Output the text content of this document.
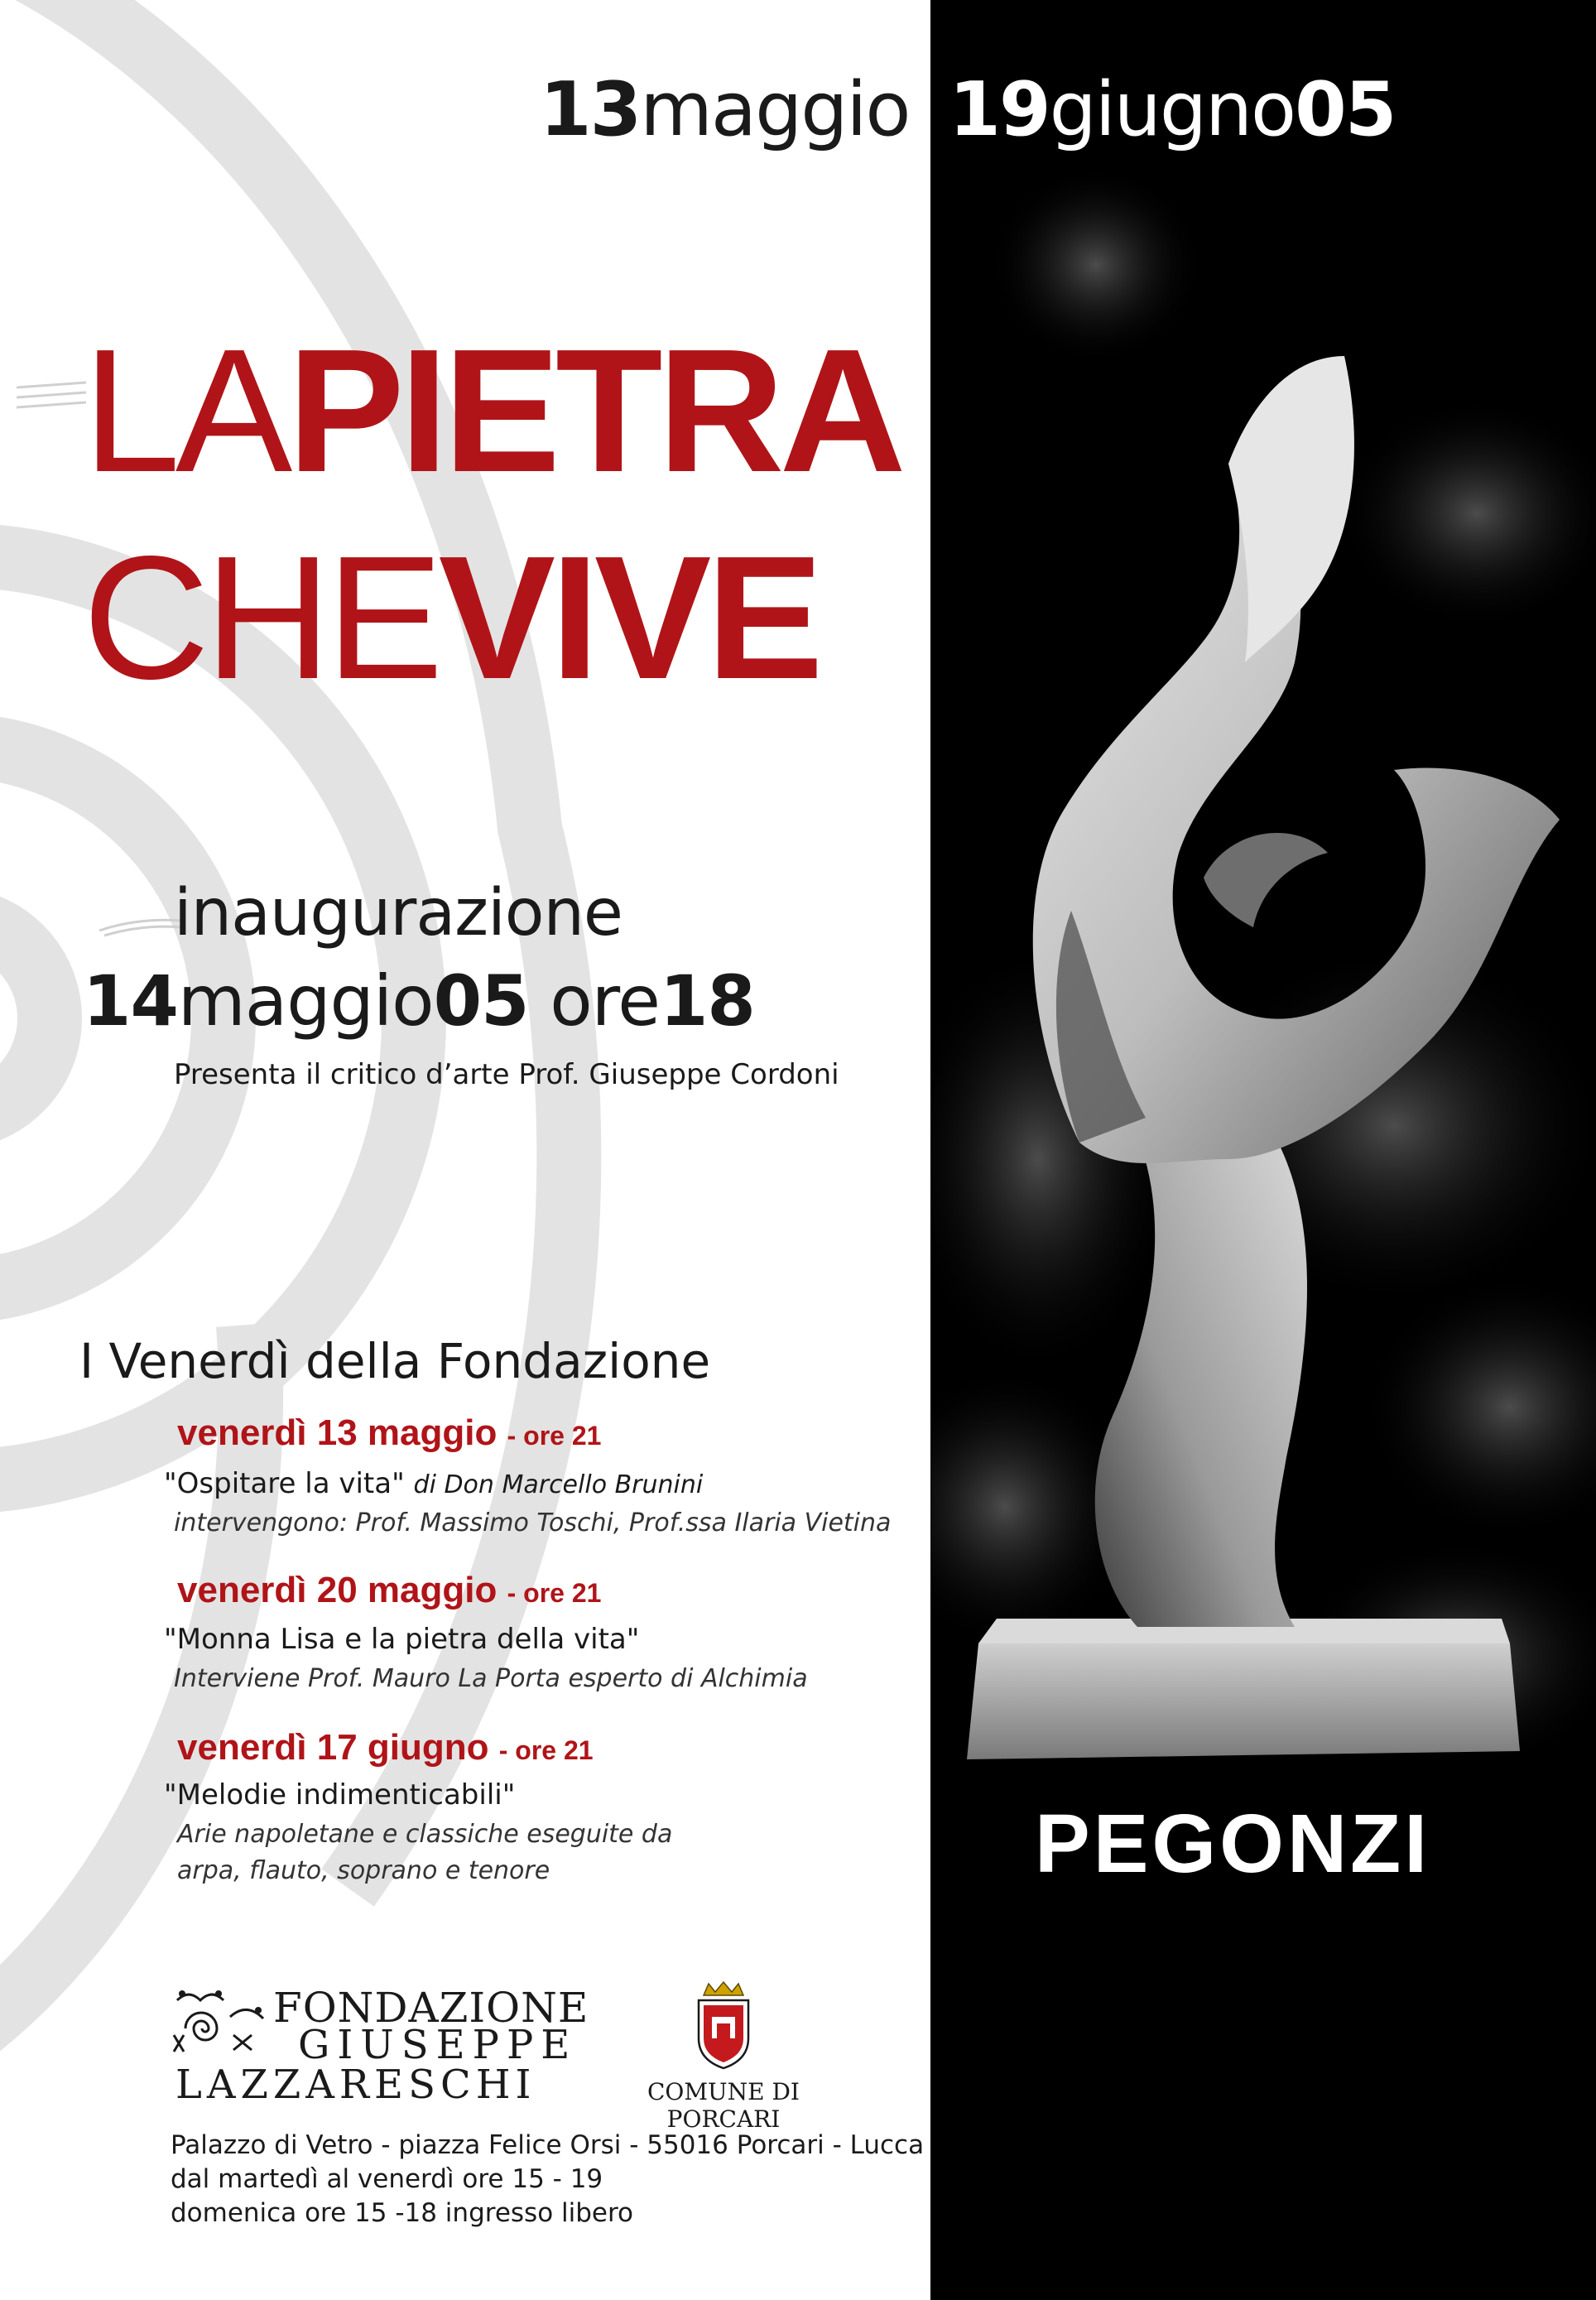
13maggio 19giugno05

LAPIETRA

CHEVIVE

inaugurazione

14maggio05 ore18

Presenta il critico d’arte Prof. Giuseppe Cordoni

I Venerdì della Fondazione

venerdì 13 maggio - ore 21

"Ospitare la vita" di Don Marcello Brunini

intervengono: Prof. Massimo Toschi, Prof.ssa Ilaria Vietina

venerdì 20 maggio - ore 21

"Monna Lisa e la pietra della vita"

Interviene Prof. Mauro La Porta esperto di Alchimia

venerdì 17 giugno - ore 21

"Melodie indimenticabili"

Arie napoletane e classiche eseguite da

arpa, flauto, soprano e tenore

FONDAZIONE
GIUSEPPE
LAZZARESCHI	COMUNE DI PORCARI

Palazzo di Vetro - piazza Felice Orsi - 55016 Porcari - Lucca

dal martedì al venerdì ore 15 - 19

domenica ore 15 -18 ingresso libero

PEGONZI
